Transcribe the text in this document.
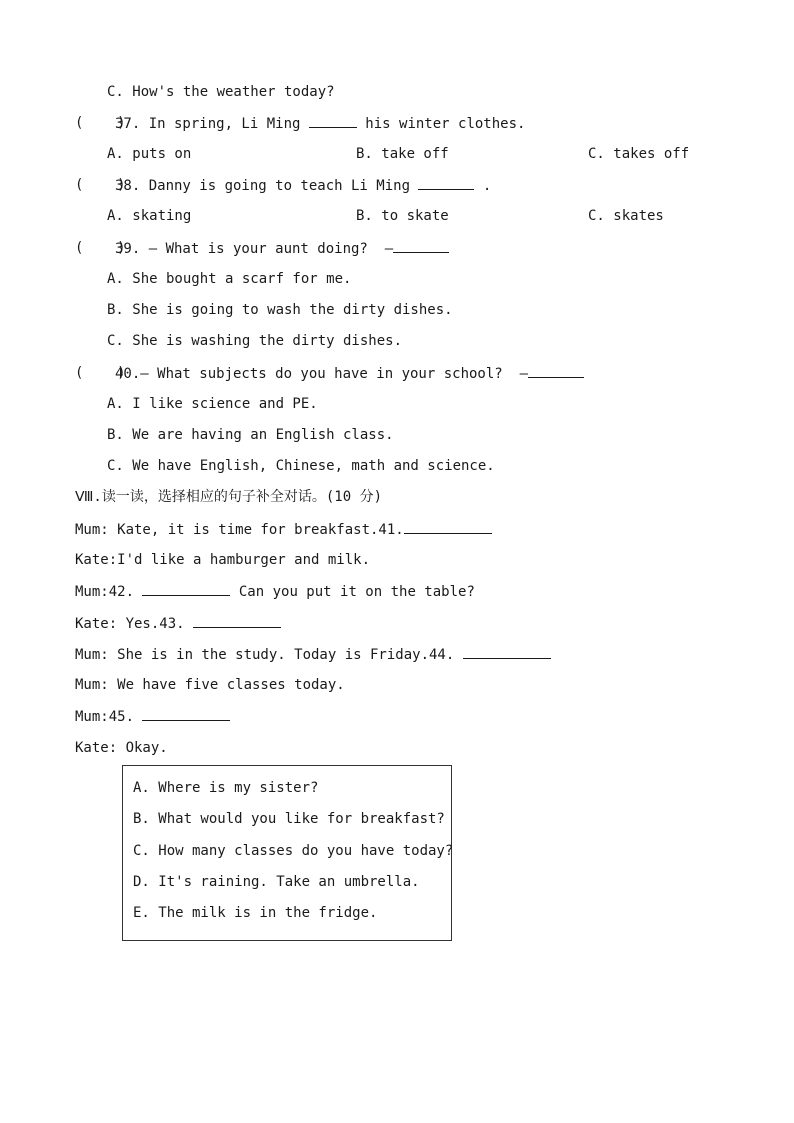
C. How's the weather today?
(    )
37. In spring, Li Ming	his winter clothes.
A. puts on	B. take off	C. takes off
(    )
38. Danny is going to teach Li Ming	.
A. skating	B. to skate	C. skates
(    )
39. — What is your aunt doing?  —
A. She bought a scarf for me.
B. She is going to wash the dirty dishes.
C. She is washing the dirty dishes.
(    )
40.— What subjects do you have in your school?  —
A. I like science and PE.
B. We are having an English class.
C. We have English, Chinese, math and science.
Ⅷ.读一读，选择相应的句子补全对话。(10 分)
Mum: Kate, it is time for breakfast.41.
Kate:I'd like a hamburger and milk.
Mum:42.	Can you put it on the table?
Kate: Yes.43.
Mum: She is in the study. Today is Friday.44.
Mum: We have five classes today.
Mum:45.
Kate: Okay.
A. Where is my sister?
B. What would you like for breakfast?
C. How many classes do you have today?
D. It's raining. Take an umbrella.
E. The milk is in the fridge.
